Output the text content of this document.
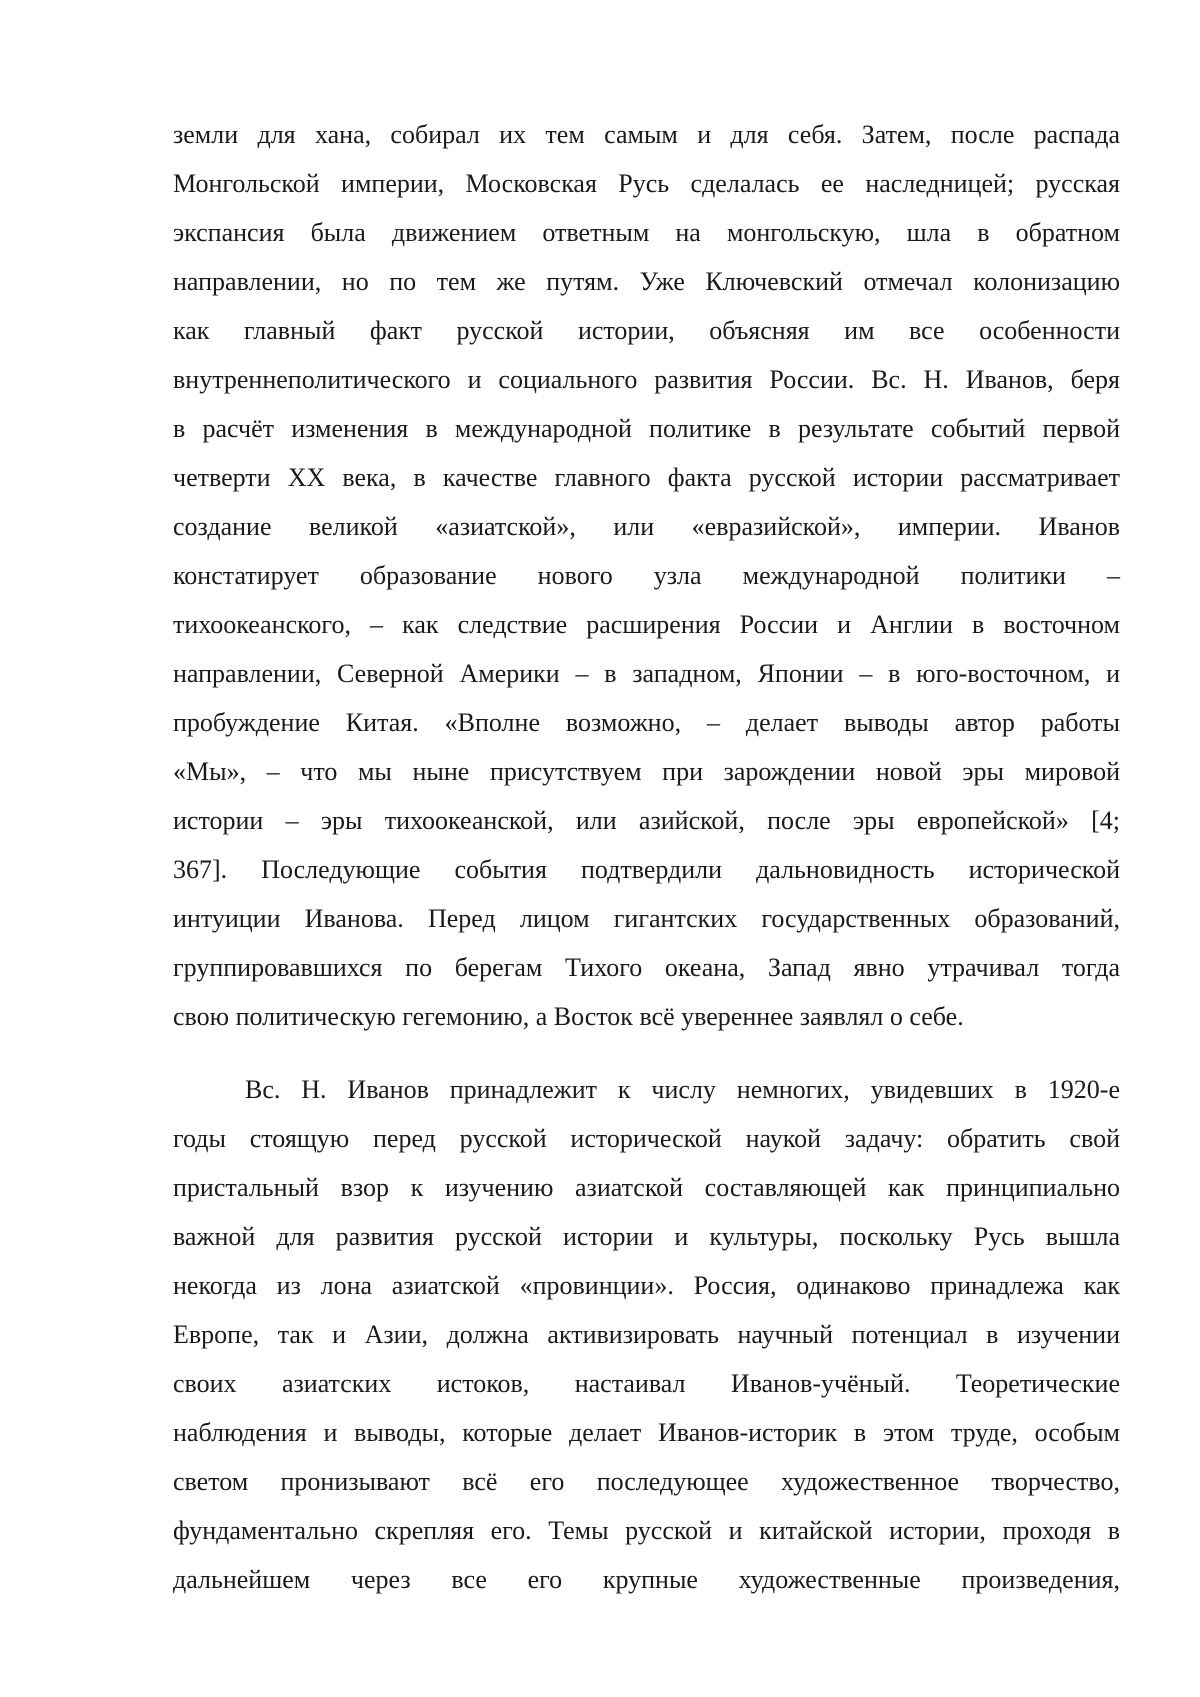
земли для хана, собирал их тем самым и для себя. Затем, после распада
Монгольской империи, Московская Русь сделалась ее наследницей; русская
экспансия была движением ответным на монгольскую, шла в обратном
направлении, но по тем же путям. Уже Ключевский отмечал колонизацию
как главный факт русской истории, объясняя им все особенности
внутреннеполитического и социального развития России. Вс. Н. Иванов, беря
в расчёт изменения в международной политике в результате событий первой
четверти XX века, в качестве главного факта русской истории рассматривает
создание великой «азиатской», или «евразийской», империи. Иванов
констатирует образование нового узла международной политики –
тихоокеанского, – как следствие расширения России и Англии в восточном
направлении, Северной Америки – в западном, Японии – в юго-восточном, и
пробуждение Китая. «Вполне возможно, – делает выводы автор работы
«Мы», – что мы ныне присутствуем при зарождении новой эры мировой
истории – эры тихоокеанской, или азийской, после эры европейской» [4;
367]. Последующие события подтвердили дальновидность исторической
интуиции Иванова. Перед лицом гигантских государственных образований,
группировавшихся по берегам Тихого океана, Запад явно утрачивал тогда
свою политическую гегемонию, а Восток всё увереннее заявлял о себе.
Вс. Н. Иванов принадлежит к числу немногих, увидевших в 1920-е
годы стоящую перед русской исторической наукой задачу: обратить свой
пристальный взор к изучению азиатской составляющей как принципиально
важной для развития русской истории и культуры, поскольку Русь вышла
некогда из лона азиатской «провинции». Россия, одинаково принадлежа как
Европе, так и Азии, должна активизировать научный потенциал в изучении
своих азиатских истоков, настаивал Иванов-учёный. Теоретические
наблюдения и выводы, которые делает Иванов-историк в этом труде, особым
светом пронизывают всё его последующее художественное творчество,
фундаментально скрепляя его. Темы русской и китайской истории, проходя в
дальнейшем через все его крупные художественные произведения,
